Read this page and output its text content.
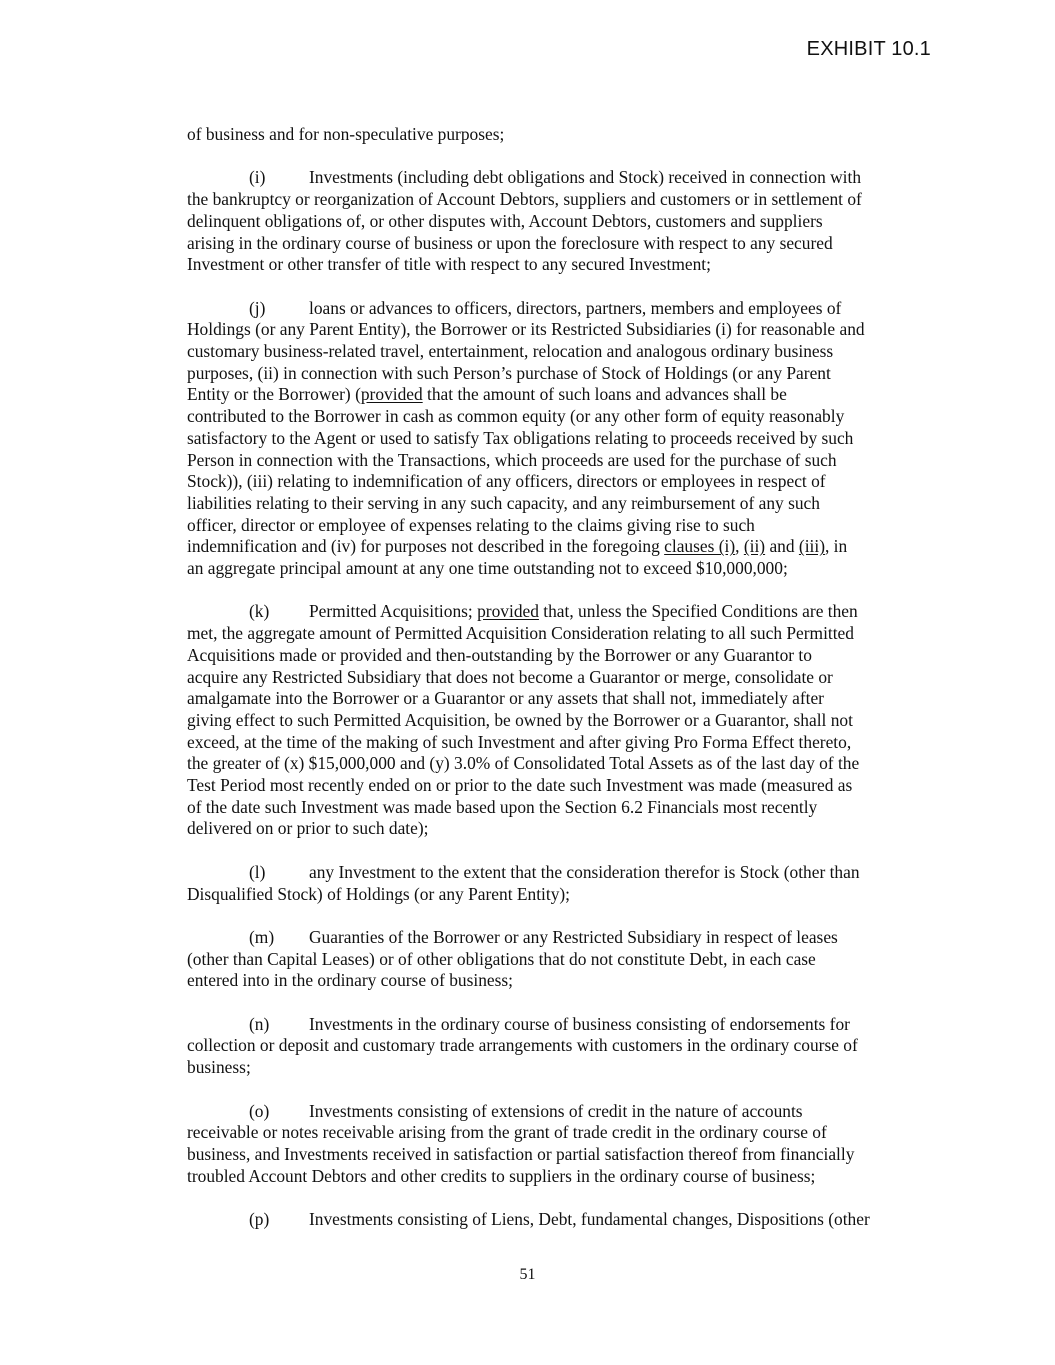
EXHIBIT 10.1

of business and for non-speculative purposes;

(i)	Investments (including debt obligations and Stock) received in connection with
the bankruptcy or reorganization of Account Debtors, suppliers and customers or in settlement of
delinquent obligations of, or other disputes with, Account Debtors, customers and suppliers
arising in the ordinary course of business or upon the foreclosure with respect to any secured
Investment or other transfer of title with respect to any secured Investment;

(j)	loans or advances to officers, directors, partners, members and employees of
Holdings (or any Parent Entity), the Borrower or its Restricted Subsidiaries (i) for reasonable and
customary business-related travel, entertainment, relocation and analogous ordinary business
purposes, (ii) in connection with such Person’s purchase of Stock of Holdings (or any Parent
Entity or the Borrower) (provided that the amount of such loans and advances shall be
contributed to the Borrower in cash as common equity (or any other form of equity reasonably
satisfactory to the Agent or used to satisfy Tax obligations relating to proceeds received by such
Person in connection with the Transactions, which proceeds are used for the purchase of such
Stock)), (iii) relating to indemnification of any officers, directors or employees in respect of
liabilities relating to their serving in any such capacity, and any reimbursement of any such
officer, director or employee of expenses relating to the claims giving rise to such
indemnification and (iv) for purposes not described in the foregoing clauses (i), (ii) and (iii), in
an aggregate principal amount at any one time outstanding not to exceed $10,000,000;

(k) Permitted Acquisitions; provided that, unless the Specified Conditions are then
met, the aggregate amount of Permitted Acquisition Consideration relating to all such Permitted
Acquisitions made or provided and then-outstanding by the Borrower or any Guarantor to
acquire any Restricted Subsidiary that does not become a Guarantor or merge, consolidate or
amalgamate into the Borrower or a Guarantor or any assets that shall not, immediately after
giving effect to such Permitted Acquisition, be owned by the Borrower or a Guarantor, shall not
exceed, at the time of the making of such Investment and after giving Pro Forma Effect thereto,
the greater of (x) $15,000,000 and (y) 3.0% of Consolidated Total Assets as of the last day of the
Test Period most recently ended on or prior to the date such Investment was made (measured as
of the date such Investment was made based upon the Section 6.2 Financials most recently
delivered on or prior to such date);

(l)	any Investment to the extent that the consideration therefor is Stock (other than
Disqualified Stock) of Holdings (or any Parent Entity);

(m) Guaranties of the Borrower or any Restricted Subsidiary in respect of leases
(other than Capital Leases) or of other obligations that do not constitute Debt, in each case
entered into in the ordinary course of business;

(n) Investments in the ordinary course of business consisting of endorsements for
collection or deposit and customary trade arrangements with customers in the ordinary course of
business;

(o) Investments consisting of extensions of credit in the nature of accounts
receivable or notes receivable arising from the grant of trade credit in the ordinary course of
business, and Investments received in satisfaction or partial satisfaction thereof from financially
troubled Account Debtors and other credits to suppliers in the ordinary course of business;

(p) Investments consisting of Liens, Debt, fundamental changes, Dispositions (other

51
